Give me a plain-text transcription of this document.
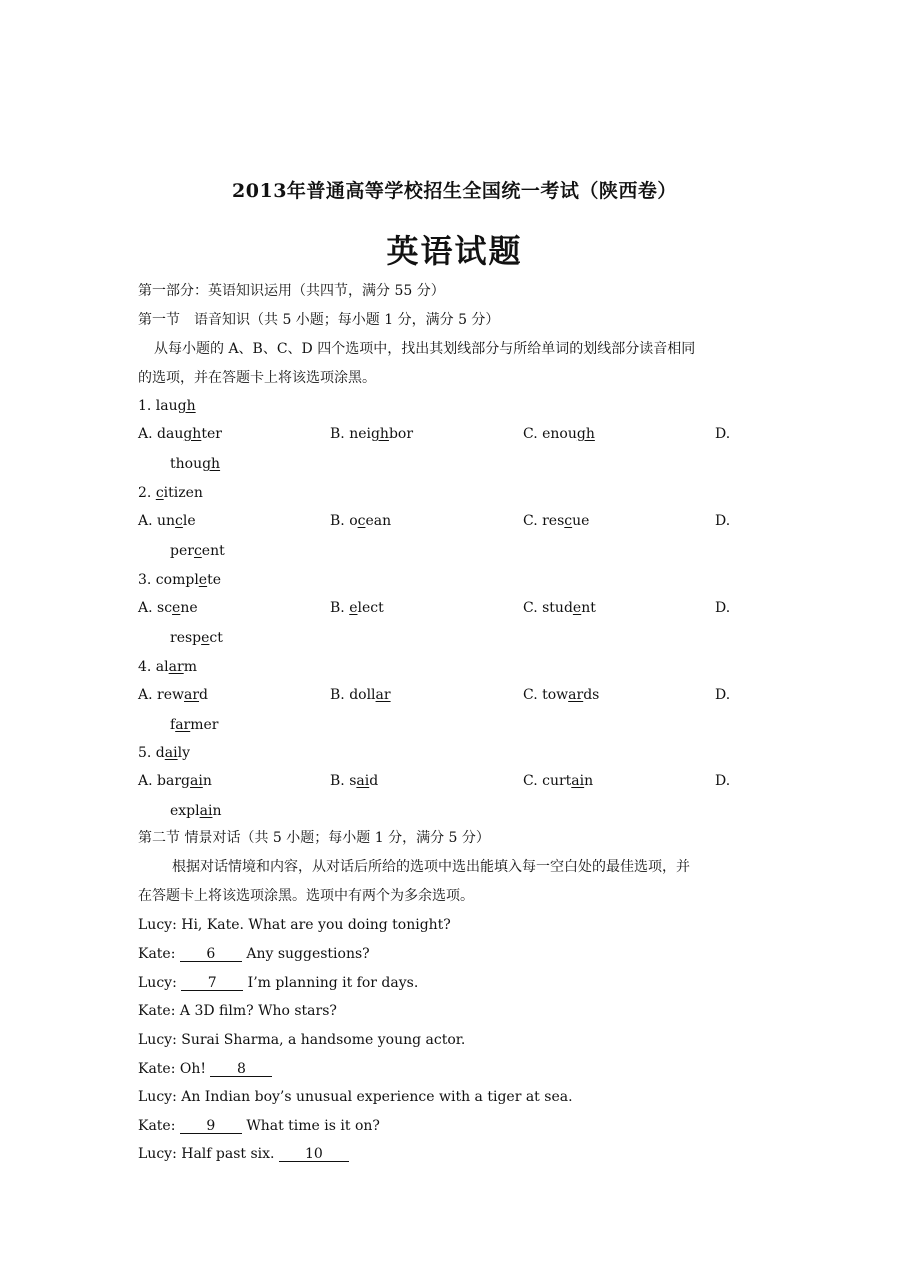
2013年普通高等学校招生全国统一考试（陕西卷）
英语试题
第一部分：英语知识运用（共四节，满分 55 分）
第一节　语音知识（共 5 小题；每小题 1 分，满分 5 分）
从每小题的 A、B、C、D 四个选项中，找出其划线部分与所给单词的划线部分读音相同
的选项，并在答题卡上将该选项涂黑。
1. laugh
A. daughter	B. neighbor	C. enough	D.
though
2. citizen
A. uncle	B. ocean	C. rescue	D.
percent
3. complete
A. scene	B. elect	C. student	D.
respect
4. alarm
A. reward	B. dollar	C. towards	D.
farmer
5. daily
A. bargain	B. said	C. curtain	D.
explain
第二节 情景对话（共 5 小题；每小题 1 分，满分 5 分）
根据对话情境和内容，从对话后所给的选项中选出能填入每一空白处的最佳选项，并
在答题卡上将该选项涂黑。选项中有两个为多余选项。
Lucy: Hi, Kate. What are you doing tonight?
Kate: 6 Any suggestions?
Lucy: 7 I’m planning it for days.
Kate: A 3D film? Who stars?
Lucy: Surai Sharma, a handsome young actor.
Kate: Oh! 8
Lucy: An Indian boy’s unusual experience with a tiger at sea.
Kate: 9 What time is it on?
Lucy: Half past six. 10
